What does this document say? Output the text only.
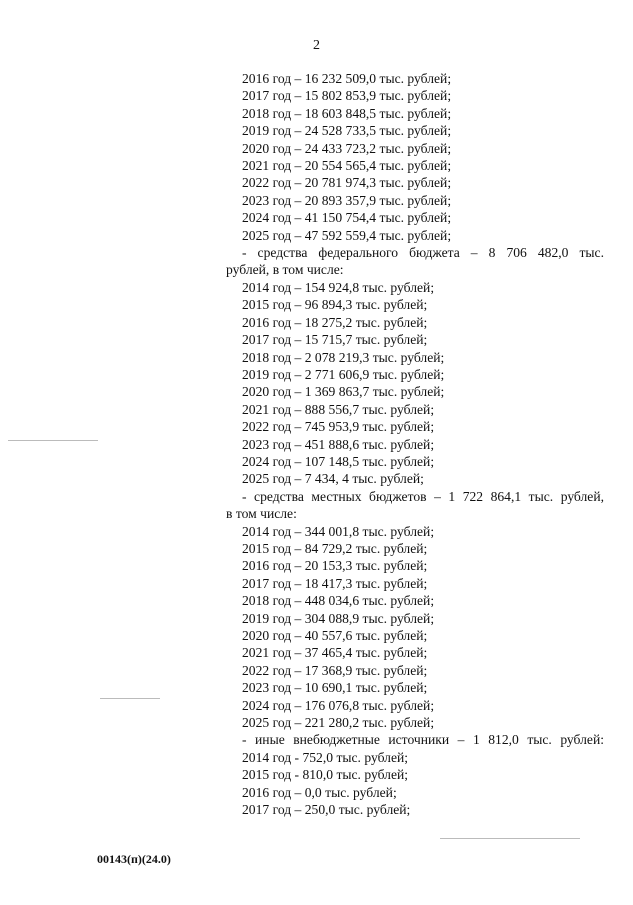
2
2016 год – 16 232 509,0 тыс. рублей;
2017 год – 15 802 853,9 тыс. рублей;
2018 год – 18 603 848,5 тыс. рублей;
2019 год – 24 528 733,5 тыс. рублей;
2020 год – 24 433 723,2 тыс. рублей;
2021 год – 20 554 565,4 тыс. рублей;
2022 год – 20 781 974,3 тыс. рублей;
2023 год – 20 893 357,9 тыс. рублей;
2024 год – 41 150 754,4 тыс. рублей;
2025 год – 47 592 559,4 тыс. рублей;
- средства федерального бюджета – 8 706 482,0 тыс.
рублей, в том числе:
2014 год – 154 924,8 тыс. рублей;
2015 год – 96 894,3 тыс. рублей;
2016 год – 18 275,2 тыс. рублей;
2017 год – 15 715,7 тыс. рублей;
2018 год – 2 078 219,3 тыс. рублей;
2019 год – 2 771 606,9 тыс. рублей;
2020 год – 1 369 863,7 тыс. рублей;
2021 год – 888 556,7 тыс. рублей;
2022 год – 745 953,9 тыс. рублей;
2023 год – 451 888,6 тыс. рублей;
2024 год – 107 148,5 тыс. рублей;
2025 год – 7 434, 4 тыс. рублей;
- средства местных бюджетов – 1 722 864,1 тыс. рублей,
в том числе:
2014 год – 344 001,8 тыс. рублей;
2015 год – 84 729,2 тыс. рублей;
2016 год – 20 153,3 тыс. рублей;
2017 год – 18 417,3 тыс. рублей;
2018 год – 448 034,6 тыс. рублей;
2019 год – 304 088,9 тыс. рублей;
2020 год – 40 557,6 тыс. рублей;
2021 год – 37 465,4 тыс. рублей;
2022 год – 17 368,9 тыс. рублей;
2023 год – 10 690,1 тыс. рублей;
2024 год – 176 076,8 тыс. рублей;
2025 год – 221 280,2 тыс. рублей;
- иные внебюджетные источники – 1 812,0 тыс. рублей:
2014 год - 752,0 тыс. рублей;
2015 год - 810,0 тыс. рублей;
2016 год – 0,0 тыс. рублей;
2017 год – 250,0 тыс. рублей;
00143(п)(24.0)
